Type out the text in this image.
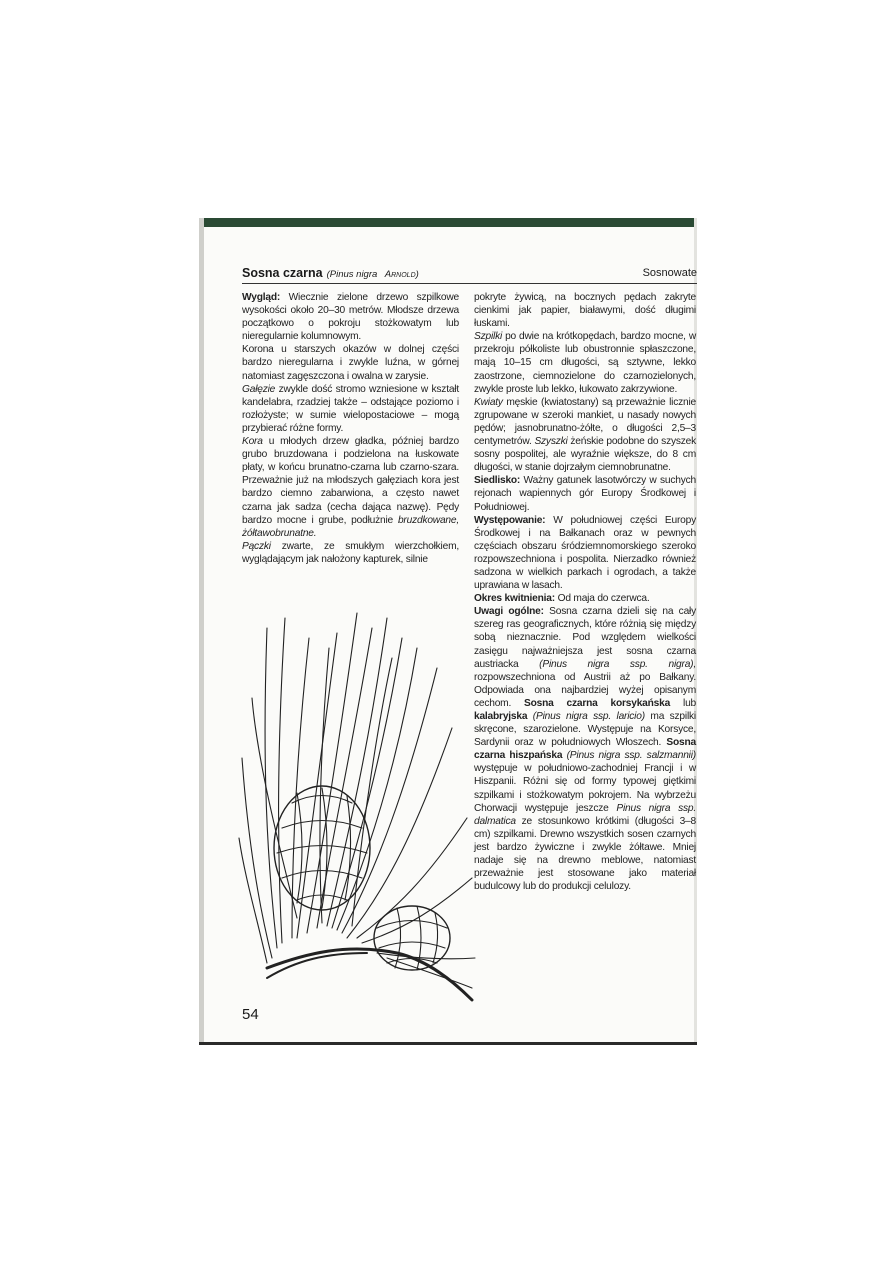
Sosna czarna (Pinus nigra Arnold)	Sosnowate

Wygląd: Wiecznie zielone drzewo szpilkowe wysokości około 20–30 metrów. Młodsze drzewa początkowo o pokroju stożkowatym lub nieregularnie kolumnowym.

Korona u starszych okazów w dolnej części bardzo nieregularna i zwykle luźna, w górnej natomiast zagęszczona i owalna w zarysie.

Gałęzie zwykle dość stromo wzniesione w kształt kandelabra, rzadziej także – odstające poziomo i rozłożyste; w sumie wielopostaciowe – mogą przybierać różne formy.

Kora u młodych drzew gładka, później bardzo grubo bruzdowana i podzielona na łuskowate płaty, w końcu brunatno-czarna lub czarno-szara. Przeważnie już na młodszych gałęziach kora jest bardzo ciemno zabarwiona, a często nawet czarna jak sadza (cecha dająca nazwę). Pędy bardzo mocne i grube, podłużnie bruzdkowane, żółtawobrunatne.

Pączki zwarte, ze smukłym wierzchołkiem, wyglądającym jak nałożony kapturek, silnie

pokryte żywicą, na bocznych pędach zakryte cienkimi jak papier, białawymi, dość długimi łuskami.

Szpilki po dwie na krótkopędach, bardzo mocne, w przekroju półkoliste lub obustronnie spłaszczone, mają 10–15 cm długości, są sztywne, lekko zaostrzone, ciemnozielone do czarnozielonych, zwykle proste lub lekko, łukowato zakrzywione.

Kwiaty męskie (kwiatostany) są przeważnie licznie zgrupowane w szeroki mankiet, u nasady nowych pędów; jasnobrunatno-żółte, o długości 2,5–3 centymetrów. Szyszki żeńskie podobne do szyszek sosny pospolitej, ale wyraźnie większe, do 8 cm długości, w stanie dojrzałym ciemnobrunatne.

Siedlisko: Ważny gatunek lasotwórczy w suchych rejonach wapiennych gór Europy Środkowej i Południowej.

Występowanie: W południowej części Europy Środkowej i na Bałkanach oraz w pewnych częściach obszaru śródziemnomorskiego szeroko rozpowszechniona i pospolita. Nierzadko również sadzona w wielkich parkach i ogrodach, a także uprawiana w lasach.

Okres kwitnienia: Od maja do czerwca.

Uwagi ogólne: Sosna czarna dzieli się na cały szereg ras geograficznych, które różnią się między sobą nieznacznie. Pod względem wielkości zasięgu najważniejsza jest sosna czarna austriacka (Pinus nigra ssp. nigra), rozpowszechniona od Austrii aż po Bałkany. Odpowiada ona najbardziej wyżej opisanym cechom. Sosna czarna korsykańska lub kalabryjska (Pinus nigra ssp. laricio) ma szpilki skręcone, szarozielone. Występuje na Korsyce, Sardynii oraz w południowych Włoszech. Sosna czarna hiszpańska (Pinus nigra ssp. salzmannii) występuje w południowo-zachodniej Francji i w Hiszpanii. Różni się od formy typowej giętkimi szpilkami i stożkowatym pokrojem. Na wybrzeżu Chorwacji występuje jeszcze Pinus nigra ssp. dalmatica ze stosunkowo krótkimi (długości 3–8 cm) szpilkami. Drewno wszystkich sosen czarnych jest bardzo żywiczne i zwykle żółtawe. Mniej nadaje się na drewno meblowe, natomiast przeważnie jest stosowane jako materiał budulcowy lub do produkcji celulozy.

54
